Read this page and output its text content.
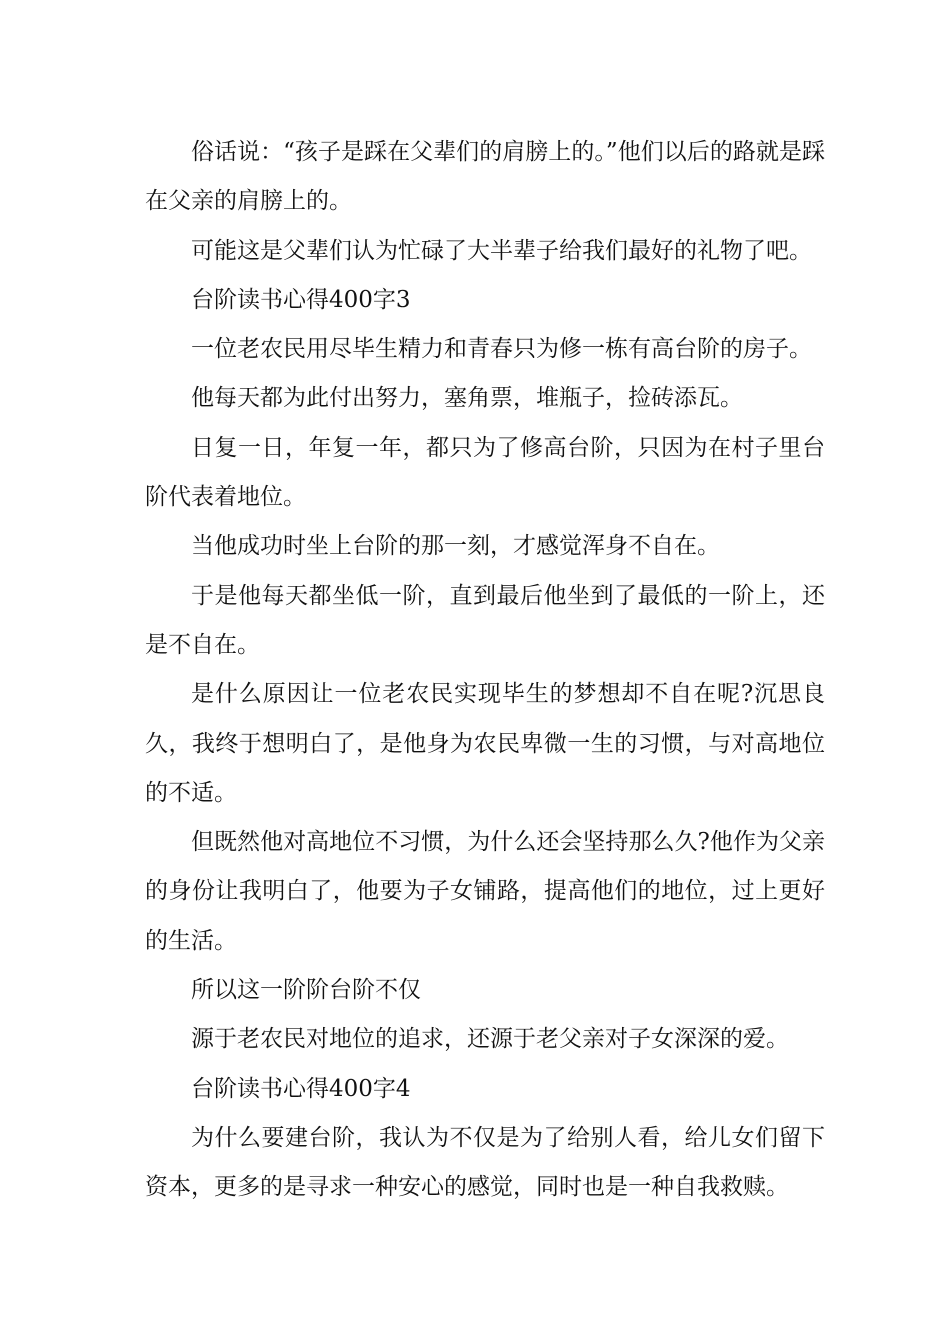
俗话说：“孩子是踩在父辈们的肩膀上的。”他们以后的路就是踩在父亲的肩膀上的。

可能这是父辈们认为忙碌了大半辈子给我们最好的礼物了吧。

台阶读书心得400字3

一位老农民用尽毕生精力和青春只为修一栋有高台阶的房子。

他每天都为此付出努力，塞角票，堆瓶子，捡砖添瓦。

日复一日，年复一年，都只为了修高台阶，只因为在村子里台阶代表着地位。

当他成功时坐上台阶的那一刻，才感觉浑身不自在。

于是他每天都坐低一阶，直到最后他坐到了最低的一阶上，还是不自在。

是什么原因让一位老农民实现毕生的梦想却不自在呢?沉思良久，我终于想明白了，是他身为农民卑微一生的习惯，与对高地位的不适。

但既然他对高地位不习惯，为什么还会坚持那么久?他作为父亲的身份让我明白了，他要为子女铺路，提高他们的地位，过上更好的生活。

所以这一阶阶台阶不仅

源于老农民对地位的追求，还源于老父亲对子女深深的爱。

台阶读书心得400字4

为什么要建台阶，我认为不仅是为了给别人看，给儿女们留下资本，更多的是寻求一种安心的感觉，同时也是一种自我救赎。
